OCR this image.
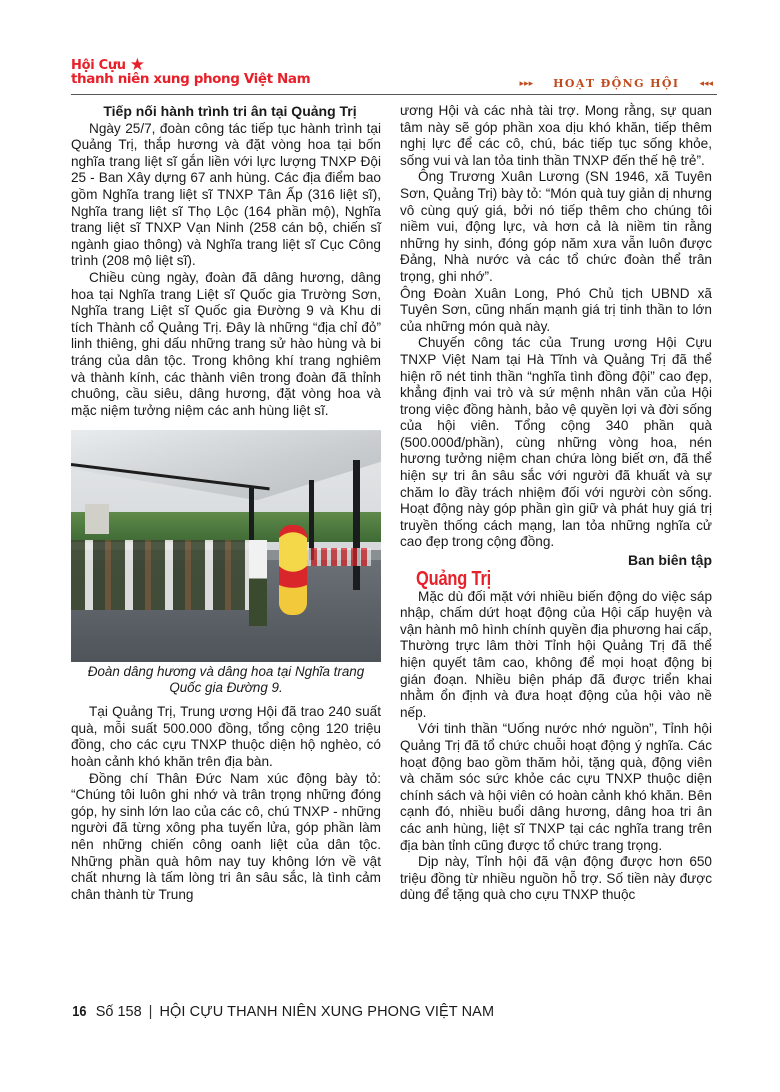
Hội Cựu ★
thanh niên xung phong Việt Nam	▸▸▸ HOẠT ĐỘNG HỘI ◂◂◂
Tiếp nối hành trình tri ân tại Quảng Trị

Ngày 25/7, đoàn công tác tiếp tục hành trình tại Quảng Trị, thắp hương và đặt vòng hoa tại bốn nghĩa trang liệt sĩ gắn liền với lực lượng TNXP Đội 25 - Ban Xây dựng 67 anh hùng. Các địa điểm bao gồm Nghĩa trang liệt sĩ TNXP Tân Ấp (316 liệt sĩ), Nghĩa trang liệt sĩ Thọ Lộc (164 phần mộ), Nghĩa trang liệt sĩ TNXP Vạn Ninh (258 cán bộ, chiến sĩ ngành giao thông) và Nghĩa trang liệt sĩ Cục Công trình (208 mộ liệt sĩ).

Chiều cùng ngày, đoàn đã dâng hương, dâng hoa tại Nghĩa trang Liệt sĩ Quốc gia Trường Sơn, Nghĩa trang Liệt sĩ Quốc gia Đường 9 và Khu di tích Thành cổ Quảng Trị. Đây là những “địa chỉ đỏ” linh thiêng, ghi dấu những trang sử hào hùng và bi tráng của dân tộc. Trong không khí trang nghiêm và thành kính, các thành viên trong đoàn đã thỉnh chuông, cầu siêu, dâng hương, đặt vòng hoa và mặc niệm tưởng niệm các anh hùng liệt sĩ.

Đoàn dâng hương và dâng hoa tại Nghĩa trang Quốc gia Đường 9.

Tại Quảng Trị, Trung ương Hội đã trao 240 suất quà, mỗi suất 500.000 đồng, tổng cộng 120 triệu đồng, cho các cựu TNXP thuộc diện hộ nghèo, có hoàn cảnh khó khăn trên địa bàn.

Đồng chí Thân Đức Nam xúc động bày tỏ: “Chúng tôi luôn ghi nhớ và trân trọng những đóng góp, hy sinh lớn lao của các cô, chú TNXP - những người đã từng xông pha tuyến lửa, góp phần làm nên những chiến công oanh liệt của dân tộc. Những phần quà hôm nay tuy không lớn về vật chất nhưng là tấm lòng tri ân sâu sắc, là tình cảm chân thành từ Trung

ương Hội và các nhà tài trợ. Mong rằng, sự quan tâm này sẽ góp phần xoa dịu khó khăn, tiếp thêm nghị lực để các cô, chú, bác tiếp tục sống khỏe, sống vui và lan tỏa tinh thần TNXP đến thế hệ trẻ”.

Ông Trương Xuân Lương (SN 1946, xã Tuyên Sơn, Quảng Trị) bày tỏ: “Món quà tuy giản dị nhưng vô cùng quý giá, bởi nó tiếp thêm cho chúng tôi niềm vui, động lực, và hơn cả là niềm tin rằng những hy sinh, đóng góp năm xưa vẫn luôn được Đảng, Nhà nước và các tổ chức đoàn thể trân trọng, ghi nhớ”.

Ông Đoàn Xuân Long, Phó Chủ tịch UBND xã Tuyên Sơn, cũng nhấn mạnh giá trị tinh thần to lớn của những món quà này.

Chuyến công tác của Trung ương Hội Cựu TNXP Việt Nam tại Hà Tĩnh và Quảng Trị đã thể hiện rõ nét tinh thần “nghĩa tình đồng đội” cao đẹp, khẳng định vai trò và sứ mệnh nhân văn của Hội trong việc đồng hành, bảo vệ quyền lợi và đời sống của hội viên. Tổng cộng 340 phần quà (500.000đ/phần), cùng những vòng hoa, nén hương tưởng niệm chan chứa lòng biết ơn, đã thể hiện sự tri ân sâu sắc với người đã khuất và sự chăm lo đầy trách nhiệm đối với người còn sống. Hoạt động này góp phần gìn giữ và phát huy giá trị truyền thống cách mạng, lan tỏa những nghĩa cử cao đẹp trong cộng đồng.

Ban biên tập
Quảng Trị

Mặc dù đối mặt với nhiều biến động do việc sáp nhập, chấm dứt hoạt động của Hội cấp huyện và vận hành mô hình chính quyền địa phương hai cấp, Thường trực lâm thời Tỉnh hội Quảng Trị đã thể hiện quyết tâm cao, không để mọi hoạt động bị gián đoạn. Nhiều biện pháp đã được triển khai nhằm ổn định và đưa hoạt động của hội vào nề nếp.

Với tinh thần “Uống nước nhớ nguồn”, Tỉnh hội Quảng Trị đã tổ chức chuỗi hoạt động ý nghĩa. Các hoạt động bao gồm thăm hỏi, tặng quà, động viên và chăm sóc sức khỏe các cựu TNXP thuộc diện chính sách và hội viên có hoàn cảnh khó khăn. Bên cạnh đó, nhiều buổi dâng hương, dâng hoa tri ân các anh hùng, liệt sĩ TNXP tại các nghĩa trang trên địa bàn tỉnh cũng được tổ chức trang trọng.

Dịp này, Tỉnh hội đã vận động được hơn 650 triệu đồng từ nhiều nguồn hỗ trợ. Số tiền này được dùng để tặng quà cho cựu TNXP thuộc

16 Số 158 | HỘI CỰU THANH NIÊN XUNG PHONG VIỆT NAM
